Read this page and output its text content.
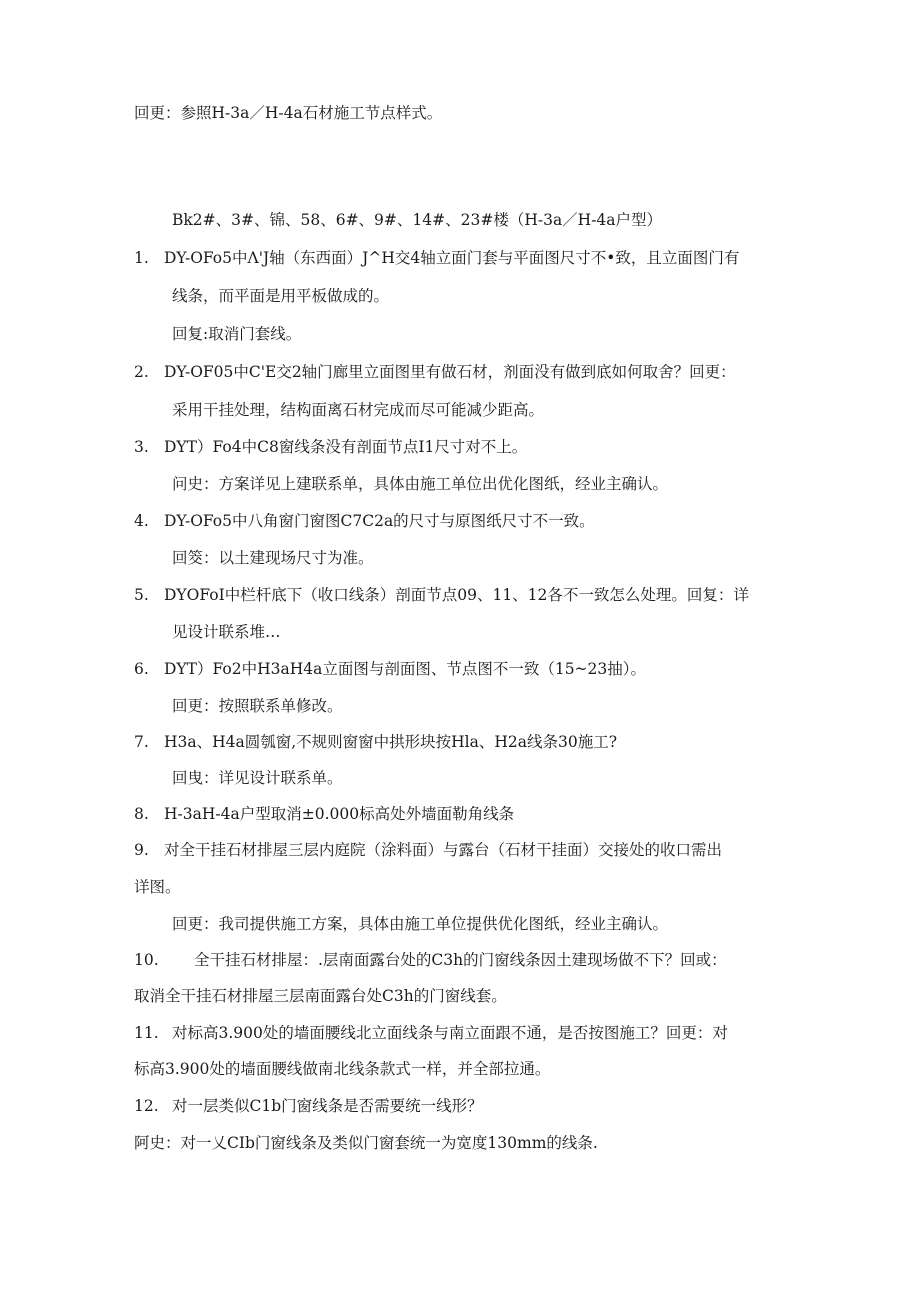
回更：参照H-3a／H-4a石材施工节点样式。
Bk2#、3#、锦、58、6#、9#、14#、23#楼（H-3a／H-4a户型）
1. DY-OFo5中Λ'J轴（东西面）J^H交4轴立面门套与平面图尺寸不•致，且立面图门有
线条，而平面是用平板做成的。
回复:取消门套线。
2. DY-OF05中C'E交2轴门廊里立面图里有做石材，剂面没有做到底如何取舍？回更：
采用干挂处理，结构面离石材完成而尽可能减少距高。
3. DYT）Fo4中C8窗线条没有剖面节点I1尺寸对不上。
问史：方案详见上建联系单，具体由施工单位出优化图纸，经业主确认。
4. DY-OFo5中八角窗门窗图C7C2a的尺寸与原图纸尺寸不一致。
回筊：以土建现场尺寸为准。
5. DYOFoI中栏杆底下（收口线条）剖面节点09、11、12各不一致怎么处理。回复：详
见设计联系堆…
6. DYT）Fo2中H3aH4a立面图与剖面图、节点图不一致（15~23抽）。
回更：按照联系单修改。
7. H3a、H4a圆瓠窗,不规则窗窗中拱形块按Hla、H2a线条30施工?
回曳：详见设计联系单。
8. H-3aH-4a户型取消±0.000标高处外墙面勒角线条
9. 对全干挂石材排屋三层内庭院（涂料面）与露台（石材干挂面）交接处的收口需出
详图。
回更：我司提供施工方案，具体由施工单位提供优化图纸，经业主确认。
10. 全干挂石材排屋：.层南面露台处的C3h的门窗线条因土建现场做不下？回或：
取消全干挂石材排屋三层南面露台处C3h的门窗线套。
11. 对标高3.900处的墙面腰线北立面线条与南立面跟不通，是否按图施工？回更：对
标高3.900处的墙面腰线做南北线条款式一样，并全部拉通。
12. 对一层类似C1b门窗线条是否需要统一线形？
阿史：对一乂CIb门窗线条及类似门窗套统一为宽度130mm的线条.
